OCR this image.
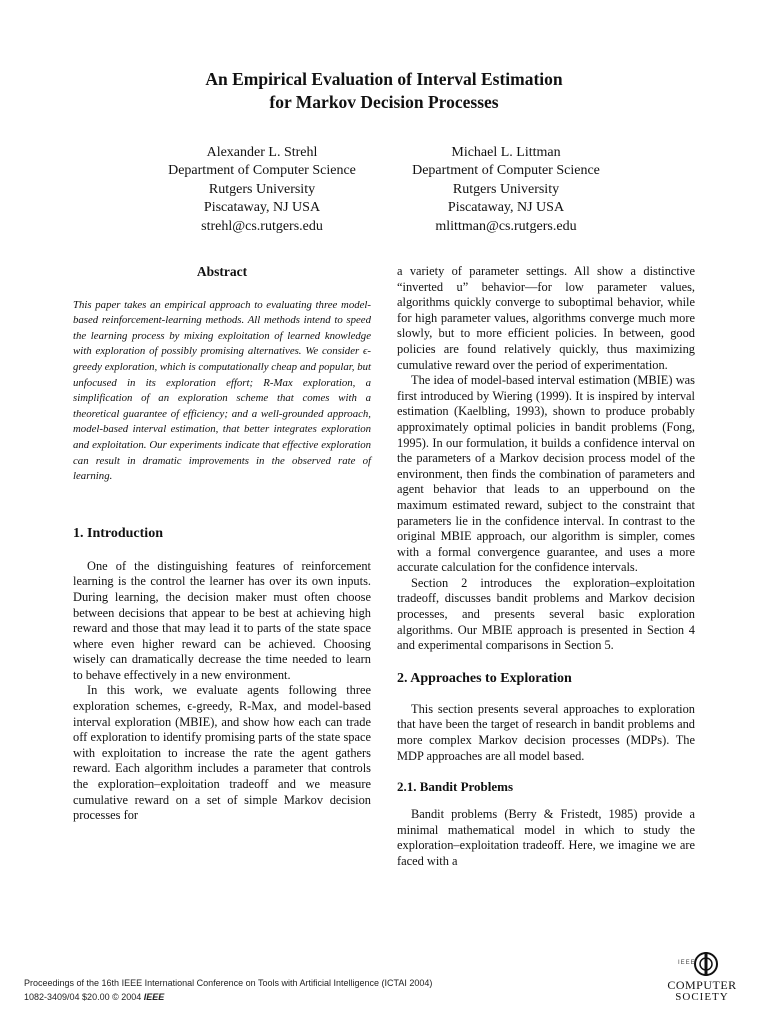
An Empirical Evaluation of Interval Estimation
for Markov Decision Processes
Alexander L. Strehl
Department of Computer Science
Rutgers University
Piscataway, NJ USA
strehl@cs.rutgers.edu
Michael L. Littman
Department of Computer Science
Rutgers University
Piscataway, NJ USA
mlittman@cs.rutgers.edu
Abstract
This paper takes an empirical approach to evaluating three model-based reinforcement-learning methods. All methods intend to speed the learning process by mixing exploitation of learned knowledge with exploration of possibly promising alternatives. We consider ϵ-greedy exploration, which is computationally cheap and popular, but unfocused in its exploration effort; R-Max exploration, a simplification of an exploration scheme that comes with a theoretical guarantee of efficiency; and a well-grounded approach, model-based interval estimation, that better integrates exploration and exploitation. Our experiments indicate that effective exploration can result in dramatic improvements in the observed rate of learning.
1. Introduction
One of the distinguishing features of reinforcement learning is the control the learner has over its own inputs. During learning, the decision maker must often choose between decisions that appear to be best at achieving high reward and those that may lead it to parts of the state space where even higher reward can be achieved. Choosing wisely can dramatically decrease the time needed to learn to behave effectively in a new environment.
In this work, we evaluate agents following three exploration schemes, ϵ-greedy, R-Max, and model-based interval exploration (MBIE), and show how each can trade off exploration to identify promising parts of the state space with exploitation to increase the rate the agent gathers reward. Each algorithm includes a parameter that controls the exploration–exploitation tradeoff and we measure cumulative reward on a set of simple Markov decision processes for
a variety of parameter settings. All show a distinctive “inverted u” behavior—for low parameter values, algorithms quickly converge to suboptimal behavior, while for high parameter values, algorithms converge much more slowly, but to more efficient policies. In between, good policies are found relatively quickly, thus maximizing cumulative reward over the period of experimentation.
The idea of model-based interval estimation (MBIE) was first introduced by Wiering (1999). It is inspired by interval estimation (Kaelbling, 1993), shown to produce probably approximately optimal policies in bandit problems (Fong, 1995). In our formulation, it builds a confidence interval on the parameters of a Markov decision process model of the environment, then finds the combination of parameters and agent behavior that leads to an upperbound on the maximum estimated reward, subject to the constraint that parameters lie in the confidence interval. In contrast to the original MBIE approach, our algorithm is simpler, comes with a formal convergence guarantee, and uses a more accurate calculation for the confidence intervals.
Section 2 introduces the exploration–exploitation tradeoff, discusses bandit problems and Markov decision processes, and presents several basic exploration algorithms. Our MBIE approach is presented in Section 4 and experimental comparisons in Section 5.
2. Approaches to Exploration
This section presents several approaches to exploration that have been the target of research in bandit problems and more complex Markov decision processes (MDPs). The MDP approaches are all model based.
2.1. Bandit Problems
Bandit problems (Berry & Fristedt, 1985) provide a minimal mathematical model in which to study the exploration–exploitation tradeoff. Here, we imagine we are faced with a
Proceedings of the 16th IEEE International Conference on Tools with Artificial Intelligence (ICTAI 2004)
1082-3409/04 $20.00 © 2004 IEEE
IEEE
COMPUTER
SOCIETY
